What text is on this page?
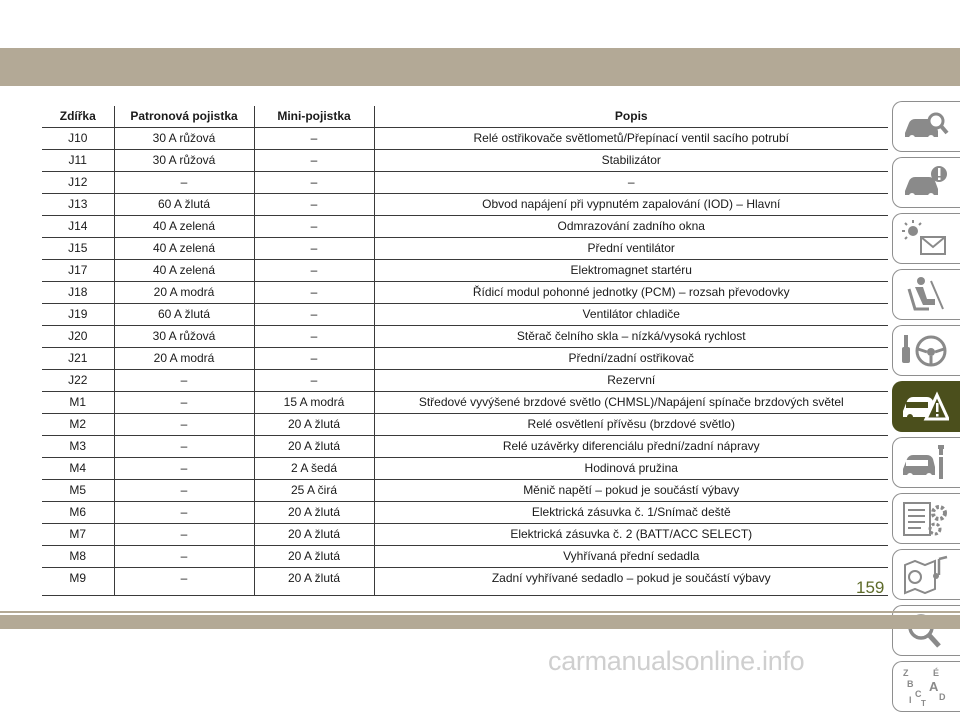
Zdířka	Patronová pojistka	Mini-pojistka	Popis
J10	30 A růžová	–	Relé ostřikovače světlometů/Přepínací ventil sacího potrubí
J11	30 A růžová	–	Stabilizátor
J12	–	–	–
J13	60 A žlutá	–	Obvod napájení při vypnutém zapalování (IOD) – Hlavní
J14	40 A zelená	–	Odmrazování zadního okna
J15	40 A zelená	–	Přední ventilátor
J17	40 A zelená	–	Elektromagnet startéru
J18	20 A modrá	–	Řídicí modul pohonné jednotky (PCM) – rozsah převodovky
J19	60 A žlutá	–	Ventilátor chladiče
J20	30 A růžová	–	Stěrač čelního skla – nízká/vysoká rychlost
J21	20 A modrá	–	Přední/zadní ostřikovač
J22	–	–	Rezervní
M1	–	15 A modrá	Středové vyvýšené brzdové světlo (CHMSL)/Napájení spínače brzdových světel
M2	–	20 A žlutá	Relé osvětlení přívěsu (brzdové světlo)
M3	–	20 A žlutá	Relé uzávěrky diferenciálu přední/zadní nápravy
M4	–	2 A šedá	Hodinová pružina
M5	–	25 A čirá	Měnič napětí – pokud je součástí výbavy
M6	–	20 A žlutá	Elektrická zásuvka č. 1/Snímač deště
M7	–	20 A žlutá	Elektrická zásuvka č. 2 (BATT/ACC SELECT)
M8	–	20 A žlutá	Vyhřívaná přední sedadla
M9	–	20 A žlutá	Zadní vyhřívané sedadlo – pokud je součástí výbavy
Z
B
C
É
A
D
I T
159
carmanualsonline.info
